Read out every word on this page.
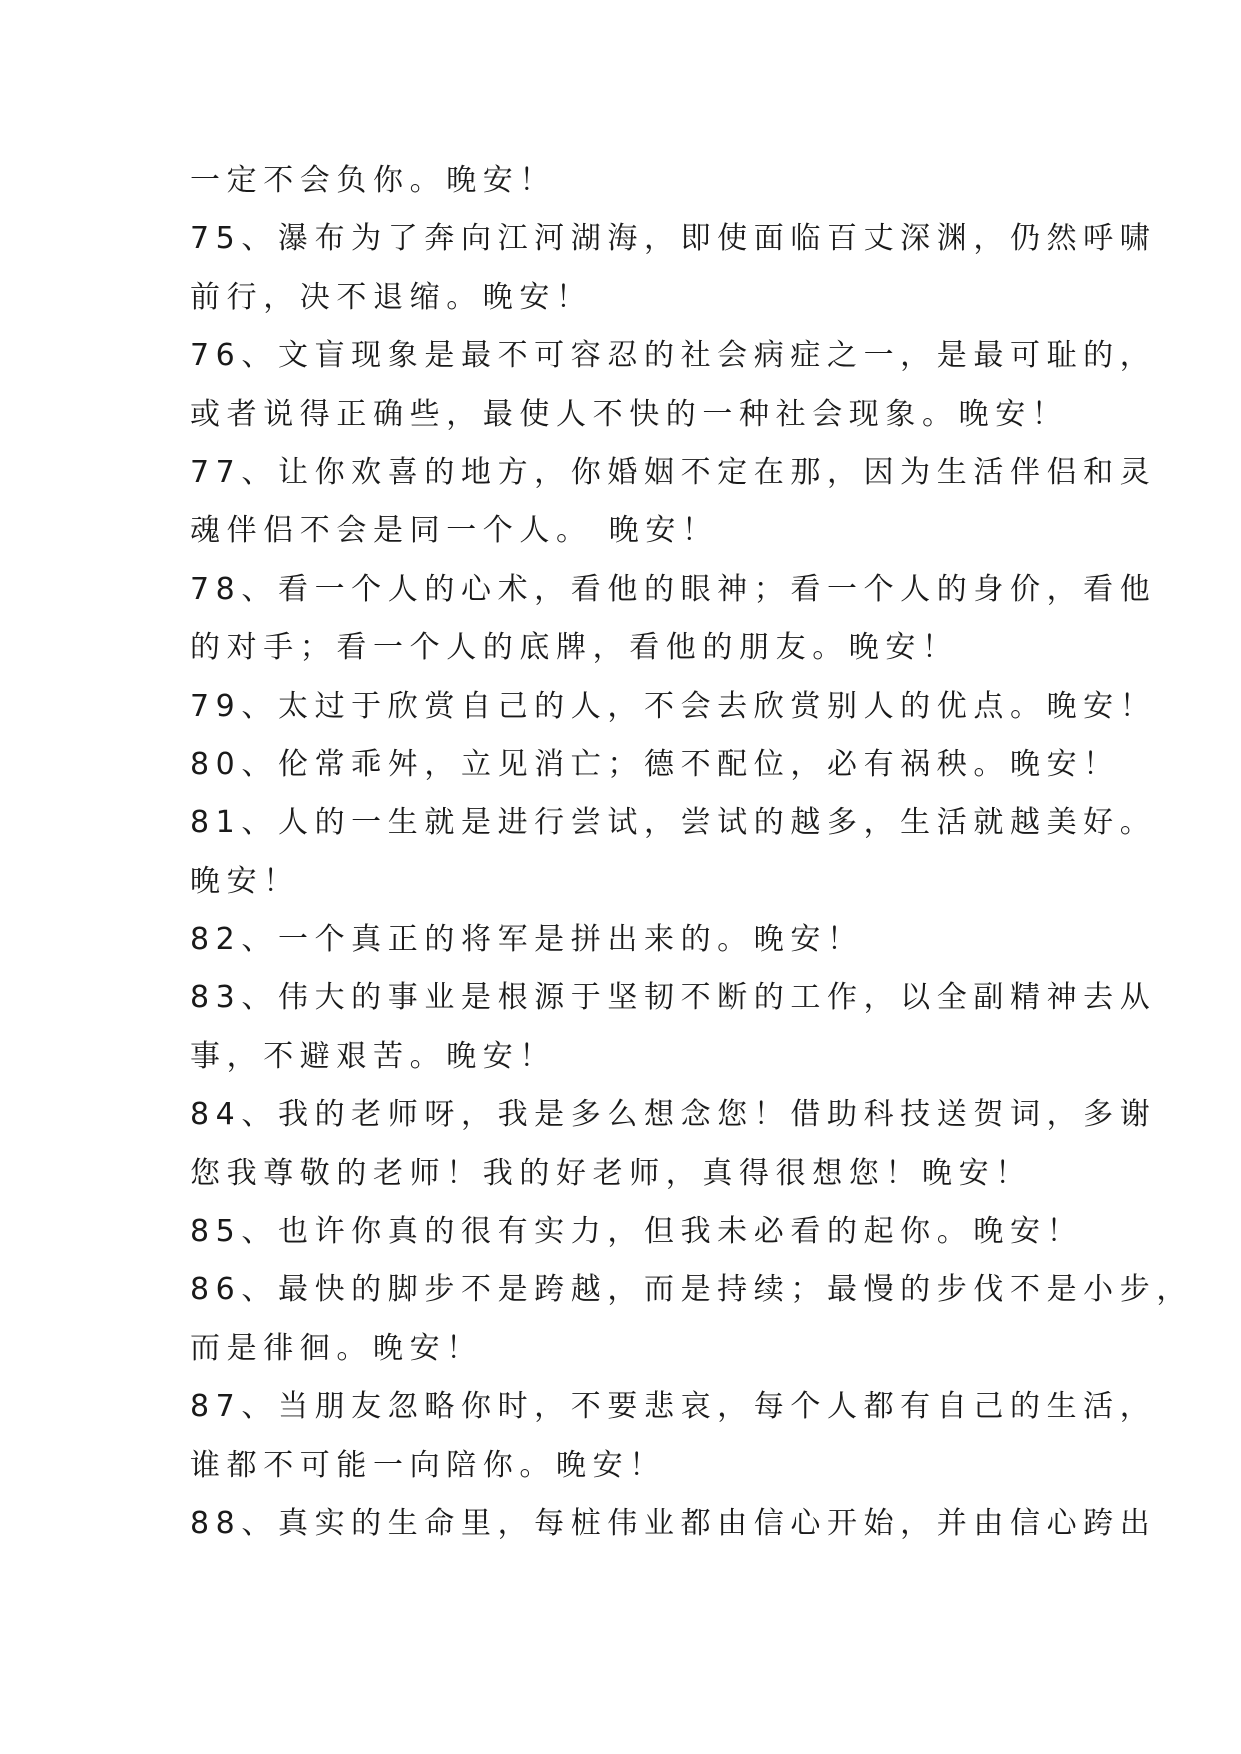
一定不会负你。晚安！
75、瀑布为了奔向江河湖海，即使面临百丈深渊，仍然呼啸
前行，决不退缩。晚安！
76、文盲现象是最不可容忍的社会病症之一，是最可耻的，
或者说得正确些，最使人不快的一种社会现象。晚安！
77、让你欢喜的地方，你婚姻不定在那，因为生活伴侣和灵
魂伴侣不会是同一个人。 晚安！
78、看一个人的心术，看他的眼神；看一个人的身价，看他
的对手；看一个人的底牌，看他的朋友。晚安！
79、太过于欣赏自己的人，不会去欣赏别人的优点。晚安！
80、伦常乖舛，立见消亡；德不配位，必有祸秧。晚安！
81、人的一生就是进行尝试，尝试的越多，生活就越美好。
晚安！
82、一个真正的将军是拼出来的。晚安！
83、伟大的事业是根源于坚韧不断的工作，以全副精神去从
事，不避艰苦。晚安！
84、我的老师呀，我是多么想念您！借助科技送贺词，多谢
您我尊敬的老师！我的好老师，真得很想您！晚安！
85、也许你真的很有实力，但我未必看的起你。晚安！
86、最快的脚步不是跨越，而是持续；最慢的步伐不是小步，
而是徘徊。晚安！
87、当朋友忽略你时，不要悲哀，每个人都有自己的生活，
谁都不可能一向陪你。晚安！
88、真实的生命里，每桩伟业都由信心开始，并由信心跨出
